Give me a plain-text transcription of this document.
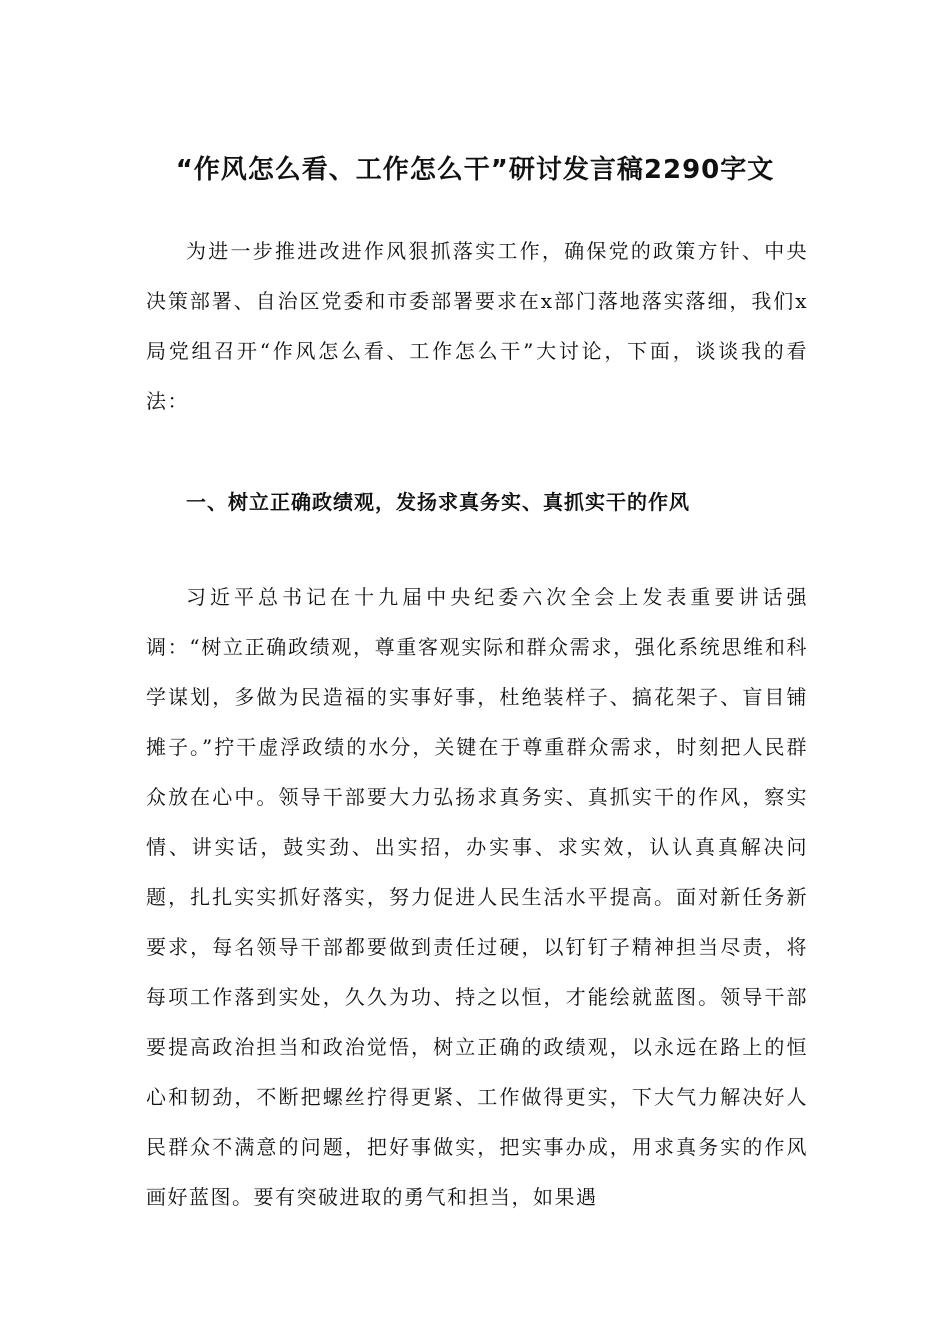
“作风怎么看、工作怎么干”研讨发言稿2290字文

为进一步推进改进作风狠抓落实工作，确保党的政策方针、中央决策部署、自治区党委和市委部署要求在x部门落地落实落细，我们x局党组召开“作风怎么看、工作怎么干”大讨论，下面，谈谈我的看法：

一、树立正确政绩观，发扬求真务实、真抓实干的作风

习近平总书记在十九届中央纪委六次全会上发表重要讲话强调：“树立正确政绩观，尊重客观实际和群众需求，强化系统思维和科学谋划，多做为民造福的实事好事，杜绝装样子、搞花架子、盲目铺摊子。”拧干虚浮政绩的水分，关键在于尊重群众需求，时刻把人民群众放在心中。领导干部要大力弘扬求真务实、真抓实干的作风，察实情、讲实话，鼓实劲、出实招，办实事、求实效，认认真真解决问题，扎扎实实抓好落实，努力促进人民生活水平提高。面对新任务新要求，每名领导干部都要做到责任过硬，以钉钉子精神担当尽责，将每项工作落到实处，久久为功、持之以恒，才能绘就蓝图。领导干部要提高政治担当和政治觉悟，树立正确的政绩观，以永远在路上的恒心和韧劲，不断把螺丝拧得更紧、工作做得更实，下大气力解决好人民群众不满意的问题，把好事做实，把实事办成，用求真务实的作风画好蓝图。要有突破进取的勇气和担当，如果遇
